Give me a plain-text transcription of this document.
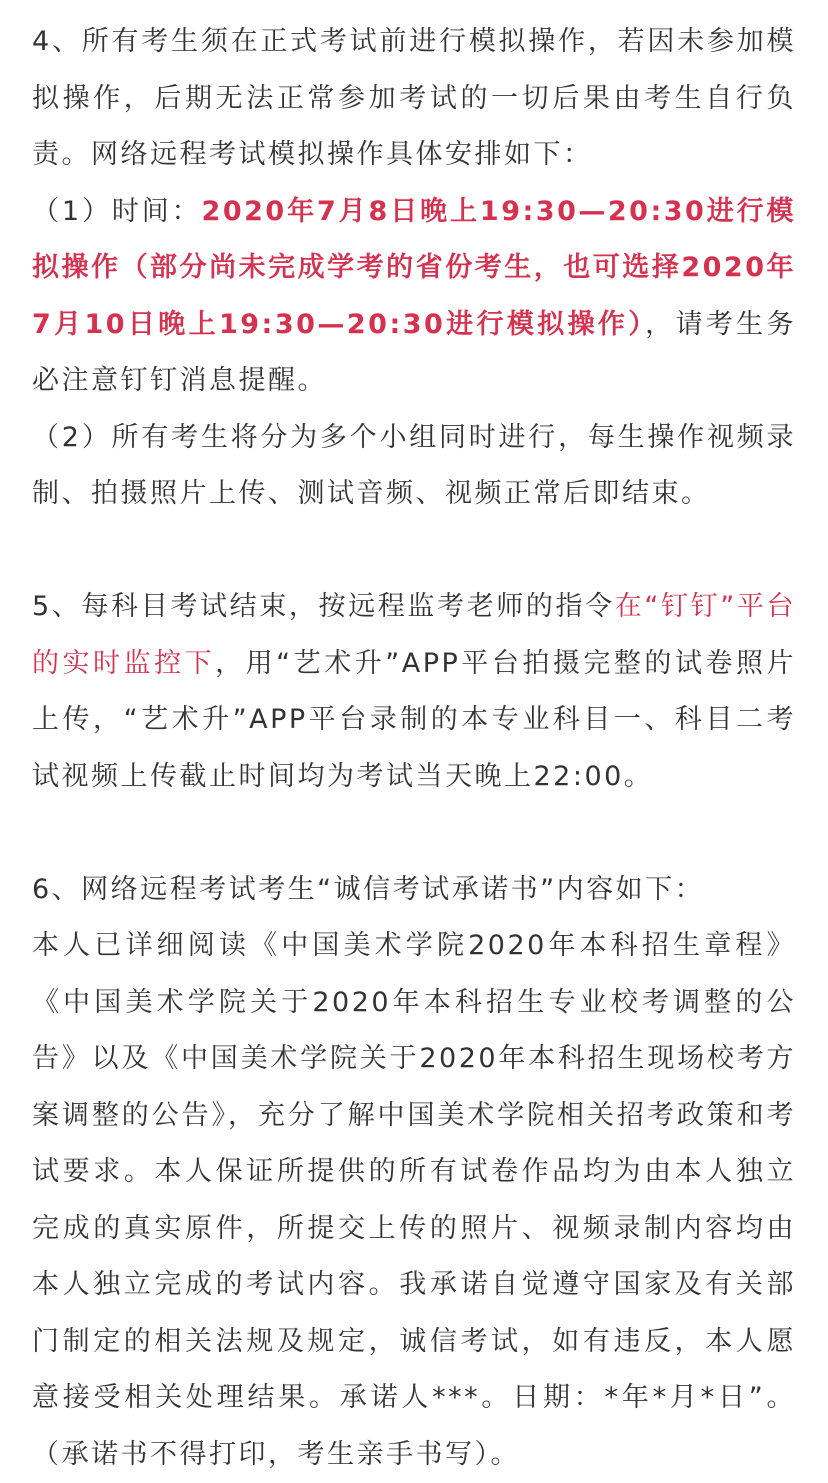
4、所有考生须在正式考试前进行模拟操作，若因未参加模拟操作，后期无法正常参加考试的一切后果由考生自行负责。网络远程考试模拟操作具体安排如下：

（1）时间：2020年7月8日晚上19:30—20:30进行模拟操作（部分尚未完成学考的省份考生，也可选择2020年7月10日晚上19:30—20:30进行模拟操作），请考生务必注意钉钉消息提醒。

（2）所有考生将分为多个小组同时进行，每生操作视频录制、拍摄照片上传、测试音频、视频正常后即结束。

5、每科目考试结束，按远程监考老师的指令在“钉钉”平台的实时监控下，用“艺术升”APP平台拍摄完整的试卷照片上传，“艺术升”APP平台录制的本专业科目一、科目二考试视频上传截止时间均为考试当天晚上22:00。

6、网络远程考试考生“诚信考试承诺书”内容如下：

本人已详细阅读《中国美术学院2020年本科招生章程》《中国美术学院关于2020年本科招生专业校考调整的公告》以及《中国美术学院关于2020年本科招生现场校考方案调整的公告》，充分了解中国美术学院相关招考政策和考试要求。本人保证所提供的所有试卷作品均为由本人独立完成的真实原件，所提交上传的照片、视频录制内容均由本人独立完成的考试内容。我承诺自觉遵守国家及有关部门制定的相关法规及规定，诚信考试，如有违反，本人愿意接受相关处理结果。承诺人***。日期：*年*月*日”。（承诺书不得打印，考生亲手书写）。
